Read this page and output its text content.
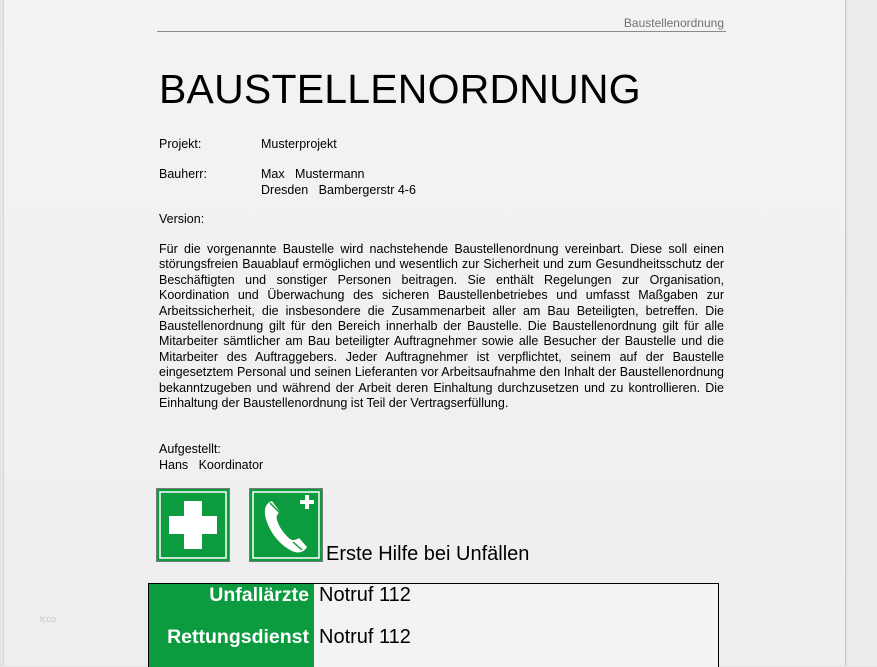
Baustellenordnung
BAUSTELLENORDNUNG
Projekt:	Musterprojekt
Bauherr:	Max   Mustermann
Dresden   Bambergerstr 4-6
Version:
Für die vorgenannte Baustelle wird nachstehende Baustellenordnung vereinbart. Diese soll einen störungsfreien Bauablauf ermöglichen und wesentlich zur Sicherheit und zum Gesundheitsschutz der Beschäftigten und sonstiger Personen beitragen. Sie enthält Regelungen zur Organisation, Koordination und Überwachung des sicheren Baustellenbetriebes und umfasst Maßgaben zur Arbeitssicherheit, die insbesondere die Zusammenarbeit aller am Bau Beteiligten, betreffen. Die Baustellenordnung gilt für den Bereich innerhalb der Baustelle. Die Baustellenordnung gilt für alle Mitarbeiter sämtlicher am Bau beteiligter Auftragnehmer sowie alle Besucher der Baustelle und die Mitarbeiter des Auftraggebers. Jeder Auftragnehmer ist verpflichtet, seinem auf der Baustelle eingesetztem Personal und seinen Lieferanten vor Arbeitsaufnahme den Inhalt der Baustellenordnung bekanntzugeben und während der Arbeit deren Einhaltung durchzusetzen und zu kontrollieren. Die Einhaltung der Baustellenordnung ist Teil der Vertragserfüllung.
Aufgestellt:
Hans   Koordinator
Erste Hilfe bei Unfällen
Unfallärzte Notruf 112
Rettungsdienst Notruf 112
lcco
